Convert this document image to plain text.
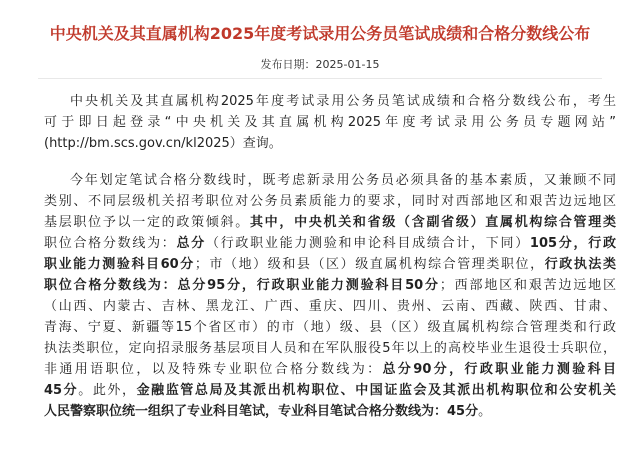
中央机关及其直属机构2025年度考试录用公务员笔试成绩和合格分数线公布
发布日期：2025-01-15

中央机关及其直属机构2025年度考试录用公务员笔试成绩和合格分数线公布，考生
可于即日起登录“中央机关及其直属机构2025年度考试录用公务员专题网站”
(http://bm.scs.gov.cn/kl2025）查询。

今年划定笔试合格分数线时，既考虑新录用公务员必须具备的基本素质，又兼顾不同
类别、不同层级机关招考职位对公务员素质能力的要求，同时对西部地区和艰苦边远地区
基层职位予以一定的政策倾斜。其中，中央机关和省级（含副省级）直属机构综合管理类
职位合格分数线为：总分（行政职业能力测验和申论科目成绩合计，下同）105分，行政
职业能力测验科目60分；市（地）级和县（区）级直属机构综合管理类职位，行政执法类
职位合格分数线为：总分95分，行政职业能力测验科目50分；西部地区和艰苦边远地区
（山西、内蒙古、吉林、黑龙江、广西、重庆、四川、贵州、云南、西藏、陕西、甘肃、
青海、宁夏、新疆等15个省区市）的市（地）级、县（区）级直属机构综合管理类和行政
执法类职位，定向招录服务基层项目人员和在军队服役5年以上的高校毕业生退役士兵职位，
非通用语职位，以及特殊专业职位合格分数线为：总分90分，行政职业能力测验科目
45分。此外，金融监管总局及其派出机构职位、中国证监会及其派出机构职位和公安机关
人民警察职位统一组织了专业科目笔试，专业科目笔试合格分数线为：45分。
